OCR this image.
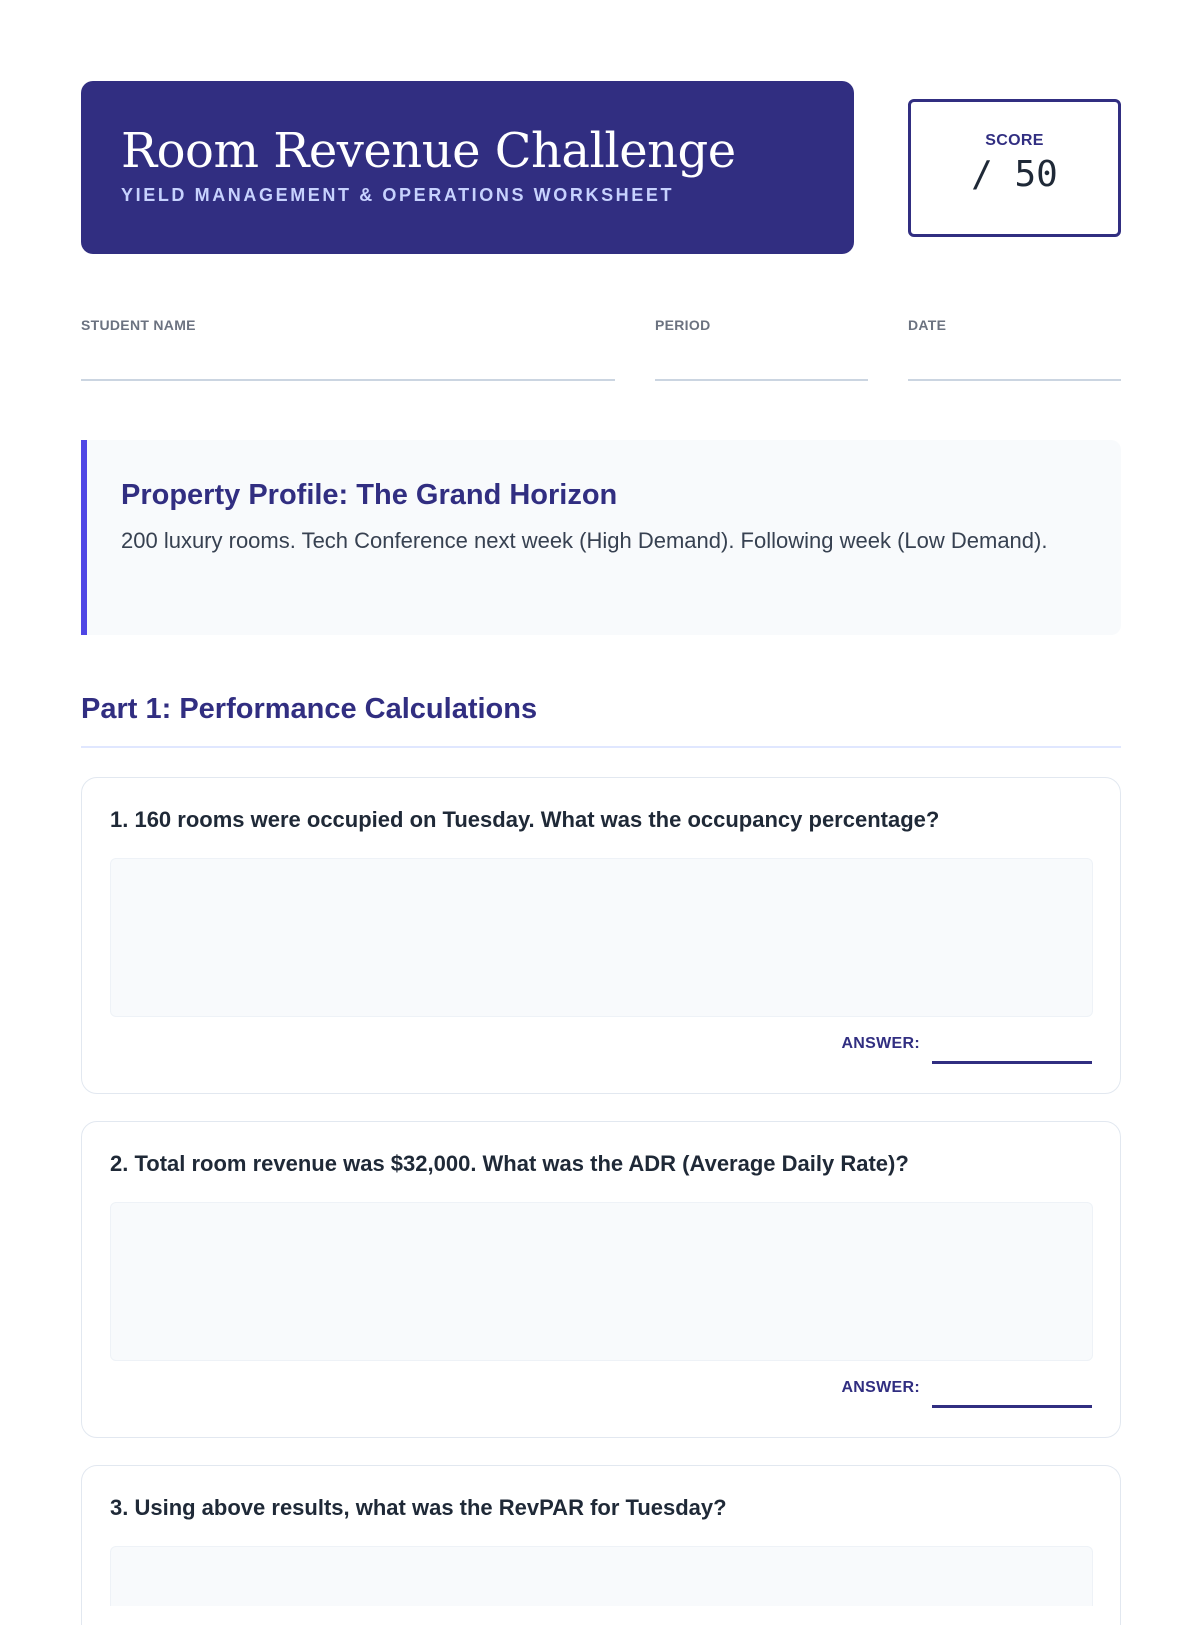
Room Revenue Challenge
YIELD MANAGEMENT & OPERATIONS WORKSHEET
SCORE
/ 50
STUDENT NAME	PERIOD	DATE
Property Profile: The Grand Horizon
200 luxury rooms. Tech Conference next week (High Demand). Following week (Low Demand).
Part 1: Performance Calculations

1. 160 rooms were occupied on Tuesday. What was the occupancy percentage?

ANSWER:

2. Total room revenue was $32,000. What was the ADR (Average Daily Rate)?

ANSWER:

3. Using above results, what was the RevPAR for Tuesday?
